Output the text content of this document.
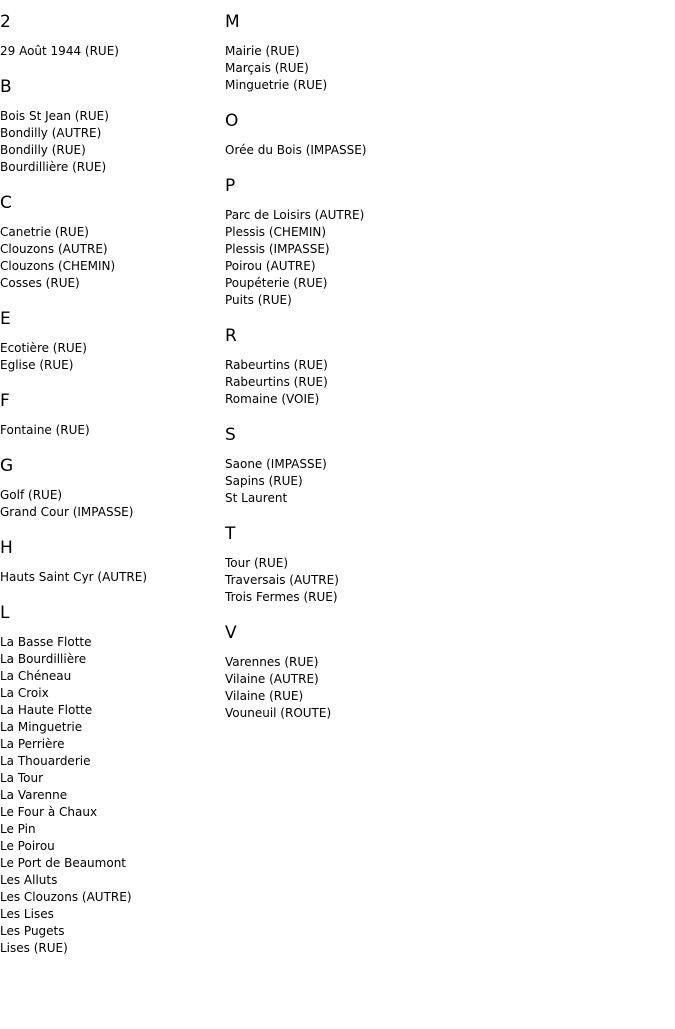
2
29 Août 1944 (RUE)
B
Bois St Jean (RUE)
Bondilly (AUTRE)
Bondilly (RUE)
Bourdillière (RUE)
C
Canetrie (RUE)
Clouzons (AUTRE)
Clouzons (CHEMIN)
Cosses (RUE)
E
Ecotière (RUE)
Eglise (RUE)
F
Fontaine (RUE)
G
Golf (RUE)
Grand Cour (IMPASSE)
H
Hauts Saint Cyr (AUTRE)
L
La Basse Flotte
La Bourdillière
La Chéneau
La Croix
La Haute Flotte
La Minguetrie
La Perrière
La Thouarderie
La Tour
La Varenne
Le Four à Chaux
Le Pin
Le Poirou
Le Port de Beaumont
Les Alluts
Les Clouzons (AUTRE)
Les Lises
Les Pugets
Lises (RUE)
M
Mairie (RUE)
Marçais (RUE)
Minguetrie (RUE)
O
Orée du Bois (IMPASSE)
P
Parc de Loisirs (AUTRE)
Plessis (CHEMIN)
Plessis (IMPASSE)
Poirou (AUTRE)
Poupéterie (RUE)
Puits (RUE)
R
Rabeurtins (RUE)
Rabeurtins (RUE)
Romaine (VOIE)
S
Saone (IMPASSE)
Sapins (RUE)
St Laurent
T
Tour (RUE)
Traversais (AUTRE)
Trois Fermes (RUE)
V
Varennes (RUE)
Vilaine (AUTRE)
Vilaine (RUE)
Vouneuil (ROUTE)
